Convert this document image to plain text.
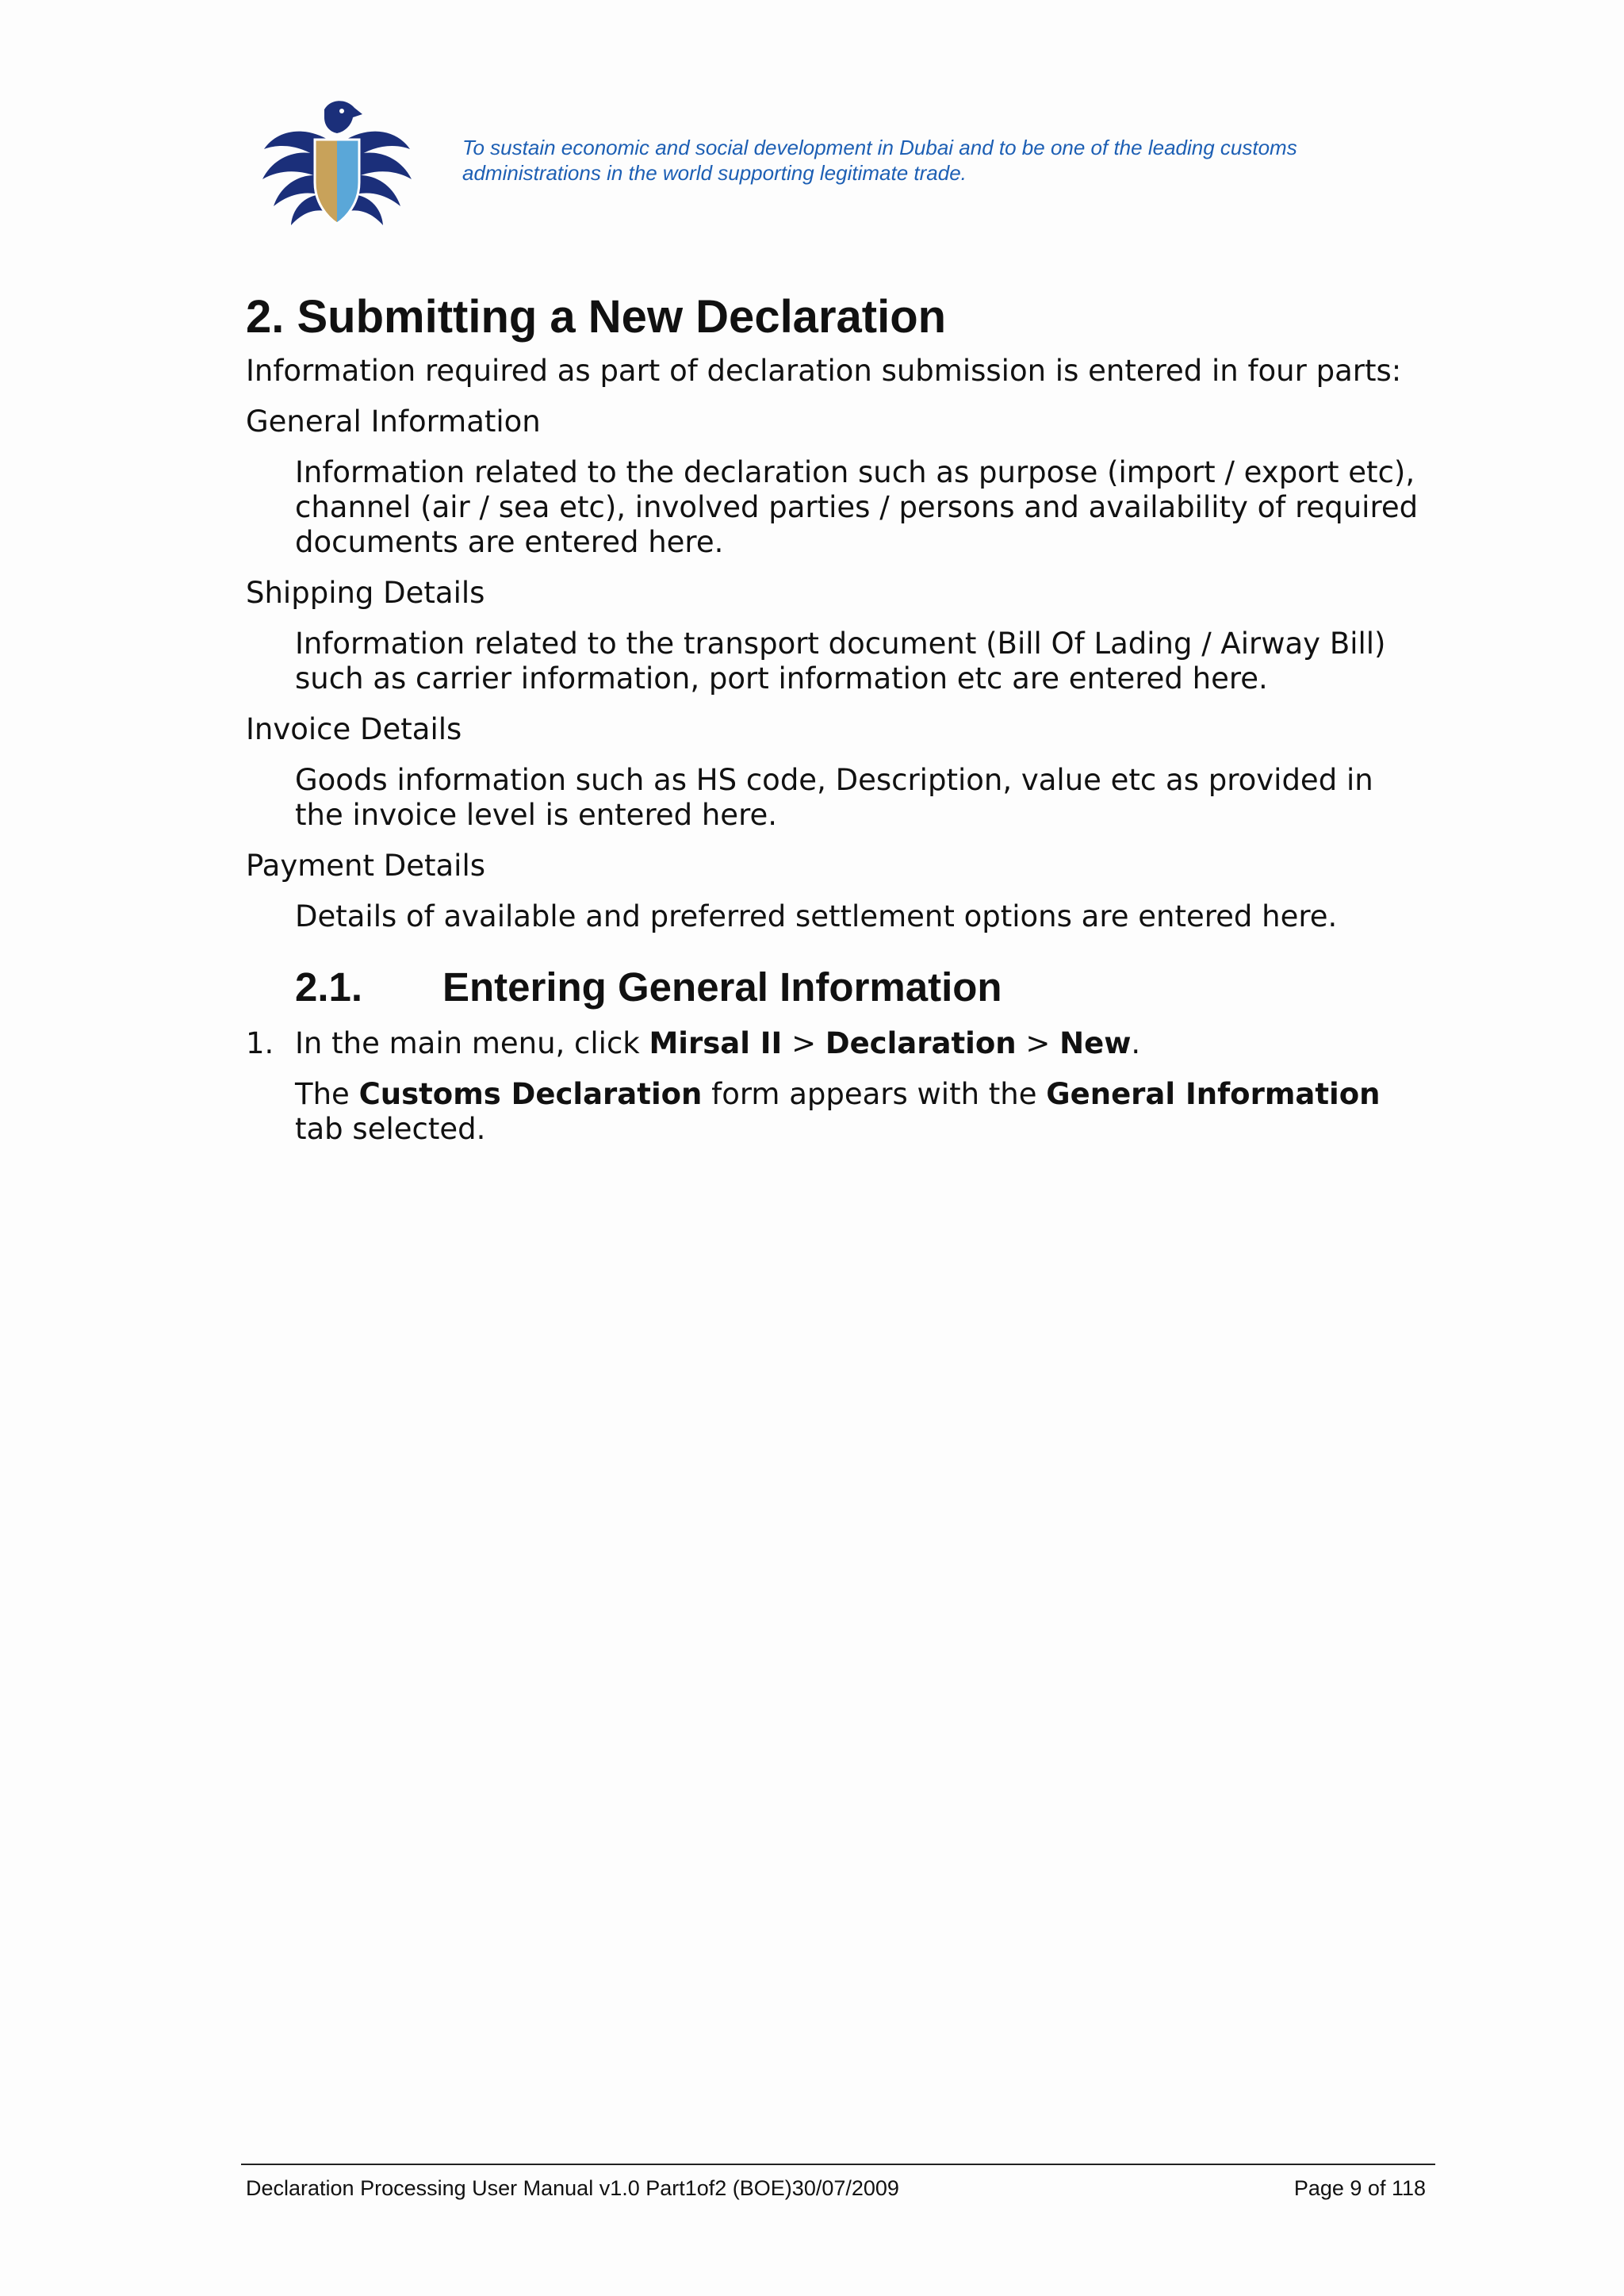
To sustain economic and social development in Dubai and to be one of the leading customs
administrations in the world supporting legitimate trade.
2. Submitting a New Declaration

Information required as part of declaration submission is entered in four parts:

General Information

Information related to the declaration such as purpose (import / export etc), channel (air / sea etc), involved parties / persons and availability of required documents are entered here.

Shipping Details

Information related to the transport document (Bill Of Lading / Airway Bill) such as carrier information, port information etc are entered here.

Invoice Details

Goods information such as HS code, Description, value etc as provided in the invoice level is entered here.

Payment Details

Details of available and preferred settlement options are entered here.

2.1. Entering General Information

1. In the main menu, click Mirsal II > Declaration > New.

The Customs Declaration form appears with the General Information tab selected.

Declaration Processing User Manual v1.0 Part1of2 (BOE)30/07/2009	Page 9 of 118
